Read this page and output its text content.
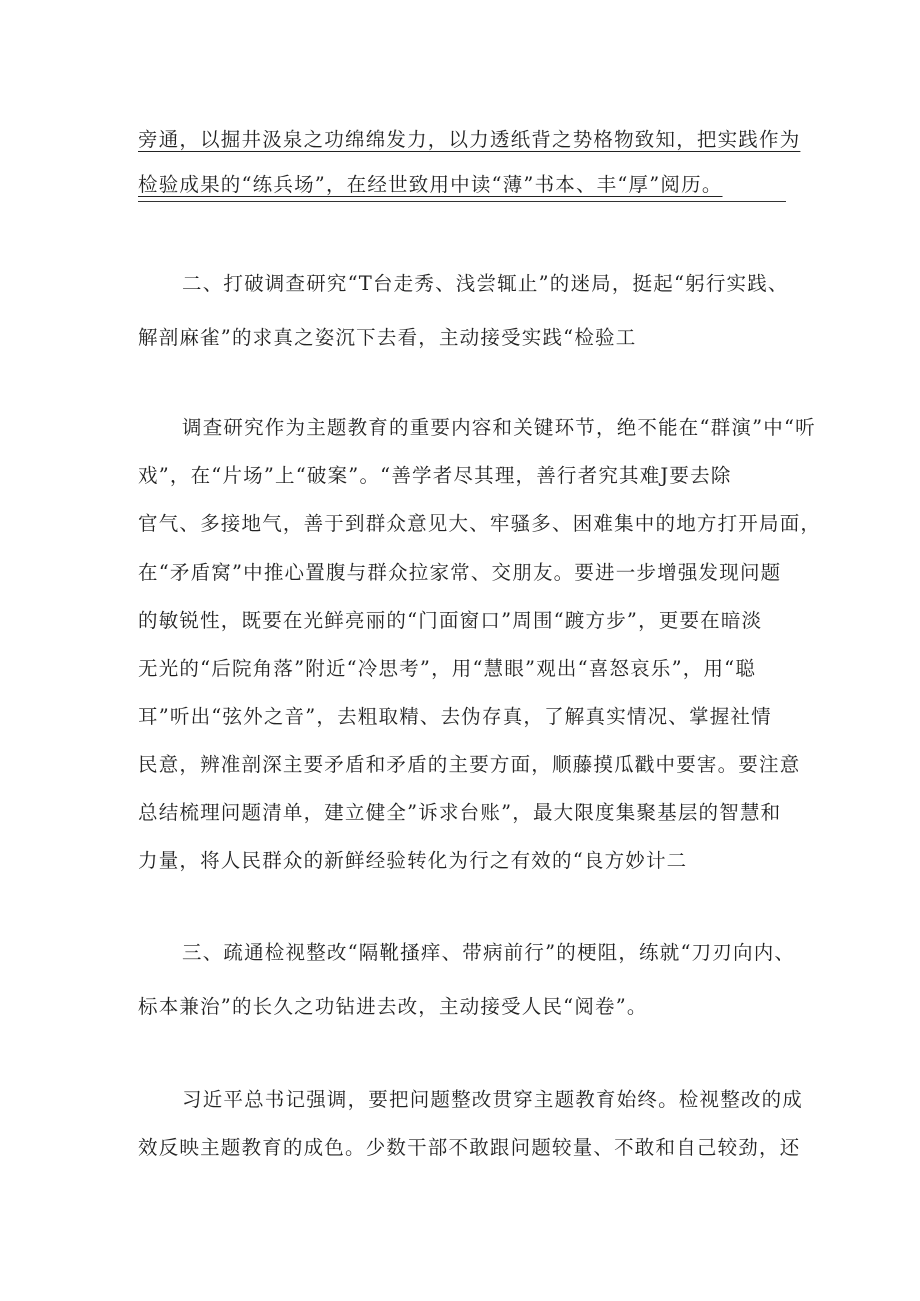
旁通，以掘井汲泉之功绵绵发力，以力透纸背之势格物致知，把实践作为
检验成果的“练兵场”，在经世致用中读“薄”书本、丰“厚”阅历。
二、打破调查研究“T台走秀、浅尝辄止”的迷局，挺起“躬行实践、
解剖麻雀”的求真之姿沉下去看，主动接受实践“检验工
调查研究作为主题教育的重要内容和关键环节，绝不能在“群演”中“听
戏”，在“片场”上“破案”。“善学者尽其理，善行者究其难J要去除
官气、多接地气，善于到群众意见大、牢骚多、困难集中的地方打开局面，
在“矛盾窝”中推心置腹与群众拉家常、交朋友。要进一步增强发现问题
的敏锐性，既要在光鲜亮丽的“门面窗口”周围“踱方步”，更要在暗淡
无光的“后院角落”附近“冷思考”，用“慧眼”观出“喜怒哀乐”，用“聪
耳”听出“弦外之音”，去粗取精、去伪存真，了解真实情况、掌握社情
民意，辨准剖深主要矛盾和矛盾的主要方面，顺藤摸瓜戳中要害。要注意
总结梳理问题清单，建立健全”诉求台账”，最大限度集聚基层的智慧和
力量，将人民群众的新鲜经验转化为行之有效的“良方妙计二
三、疏通检视整改“隔靴搔痒、带病前行”的梗阻，练就“刀刃向内、
标本兼治”的长久之功钻进去改，主动接受人民“阅卷”。
习近平总书记强调，要把问题整改贯穿主题教育始终。检视整改的成
效反映主题教育的成色。少数干部不敢跟问题较量、不敢和自己较劲，还
